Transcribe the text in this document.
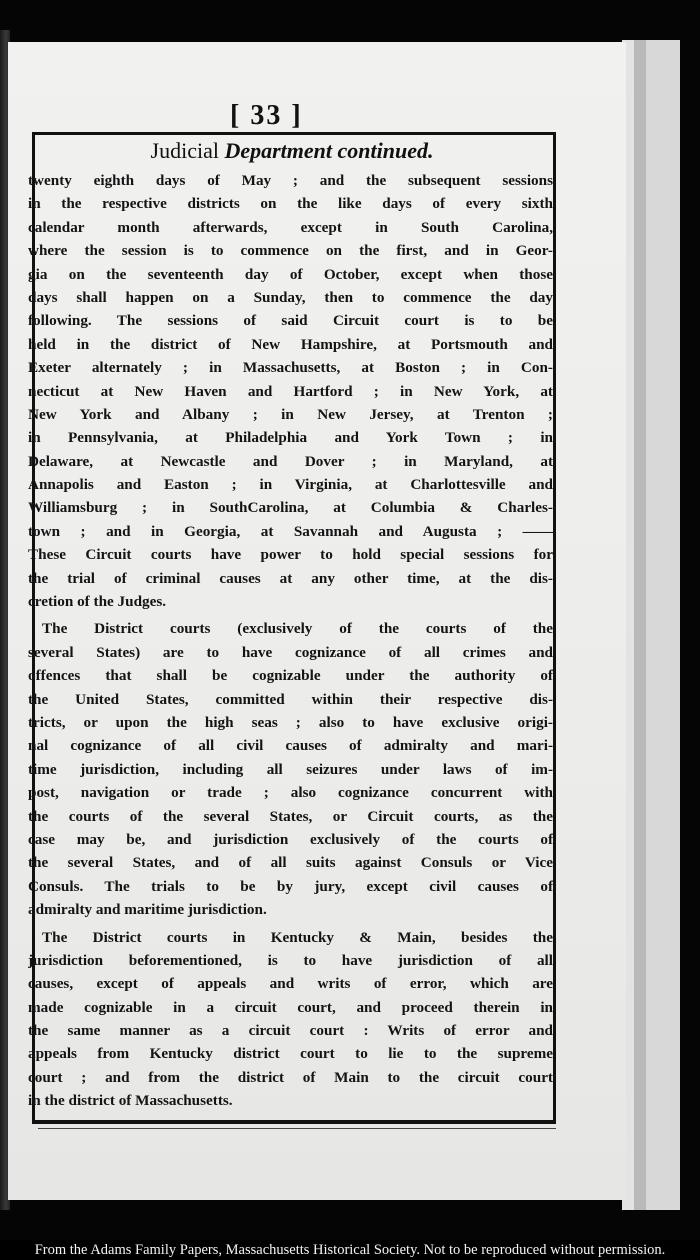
[ 33 ]
Judicial Department continued.
twenty eighth days of May ; and the subsequent sessions
in the respective districts on the like days of every sixth
calendar month afterwards, except in South Carolina,
where the session is to commence on the first, and in Geor-
gia on the seventeenth day of October, except when those
days shall happen on a Sunday, then to commence the day
following. The sessions of said Circuit court is to be
held in the district of New Hampshire, at Portsmouth and
Exeter alternately ; in Massachusetts, at Boston ; in Con-
necticut at New Haven and Hartford ; in New York, at
New York and Albany ; in New Jersey, at Trenton ;
in Pennsylvania, at Philadelphia and York Town ; in
Delaware, at Newcastle and Dover ; in Maryland, at
Annapolis and Easton ; in Virginia, at Charlottesville and
Williamsburg ; in SouthCarolina, at Columbia & Charles-
town ; and in Georgia, at Savannah and Augusta ; ——
These Circuit courts have power to hold special sessions for
the trial of criminal causes at any other time, at the dis-
cretion of the Judges.
The District courts (exclusively of the courts of the
several States) are to have cognizance of all crimes and
offences that shall be cognizable under the authority of
the United States, committed within their respective dis-
tricts, or upon the high seas ; also to have exclusive origi-
nal cognizance of all civil causes of admiralty and mari-
time jurisdiction, including all seizures under laws of im-
post, navigation or trade ; also cognizance concurrent with
the courts of the several States, or Circuit courts, as the
case may be, and jurisdiction exclusively of the courts of
the several States, and of all suits against Consuls or Vice
Consuls. The trials to be by jury, except civil causes of
admiralty and maritime jurisdiction.
The District courts in Kentucky & Main, besides the
jurisdiction beforementioned, is to have jurisdiction of all
causes, except of appeals and writs of error, which are
made cognizable in a circuit court, and proceed therein in
the same manner as a circuit court : Writs of error and
appeals from Kentucky district court to lie to the supreme
court ; and from the district of Main to the circuit court
in the district of Massachusetts.
From the Adams Family Papers, Massachusetts Historical Society. Not to be reproduced without permission.
